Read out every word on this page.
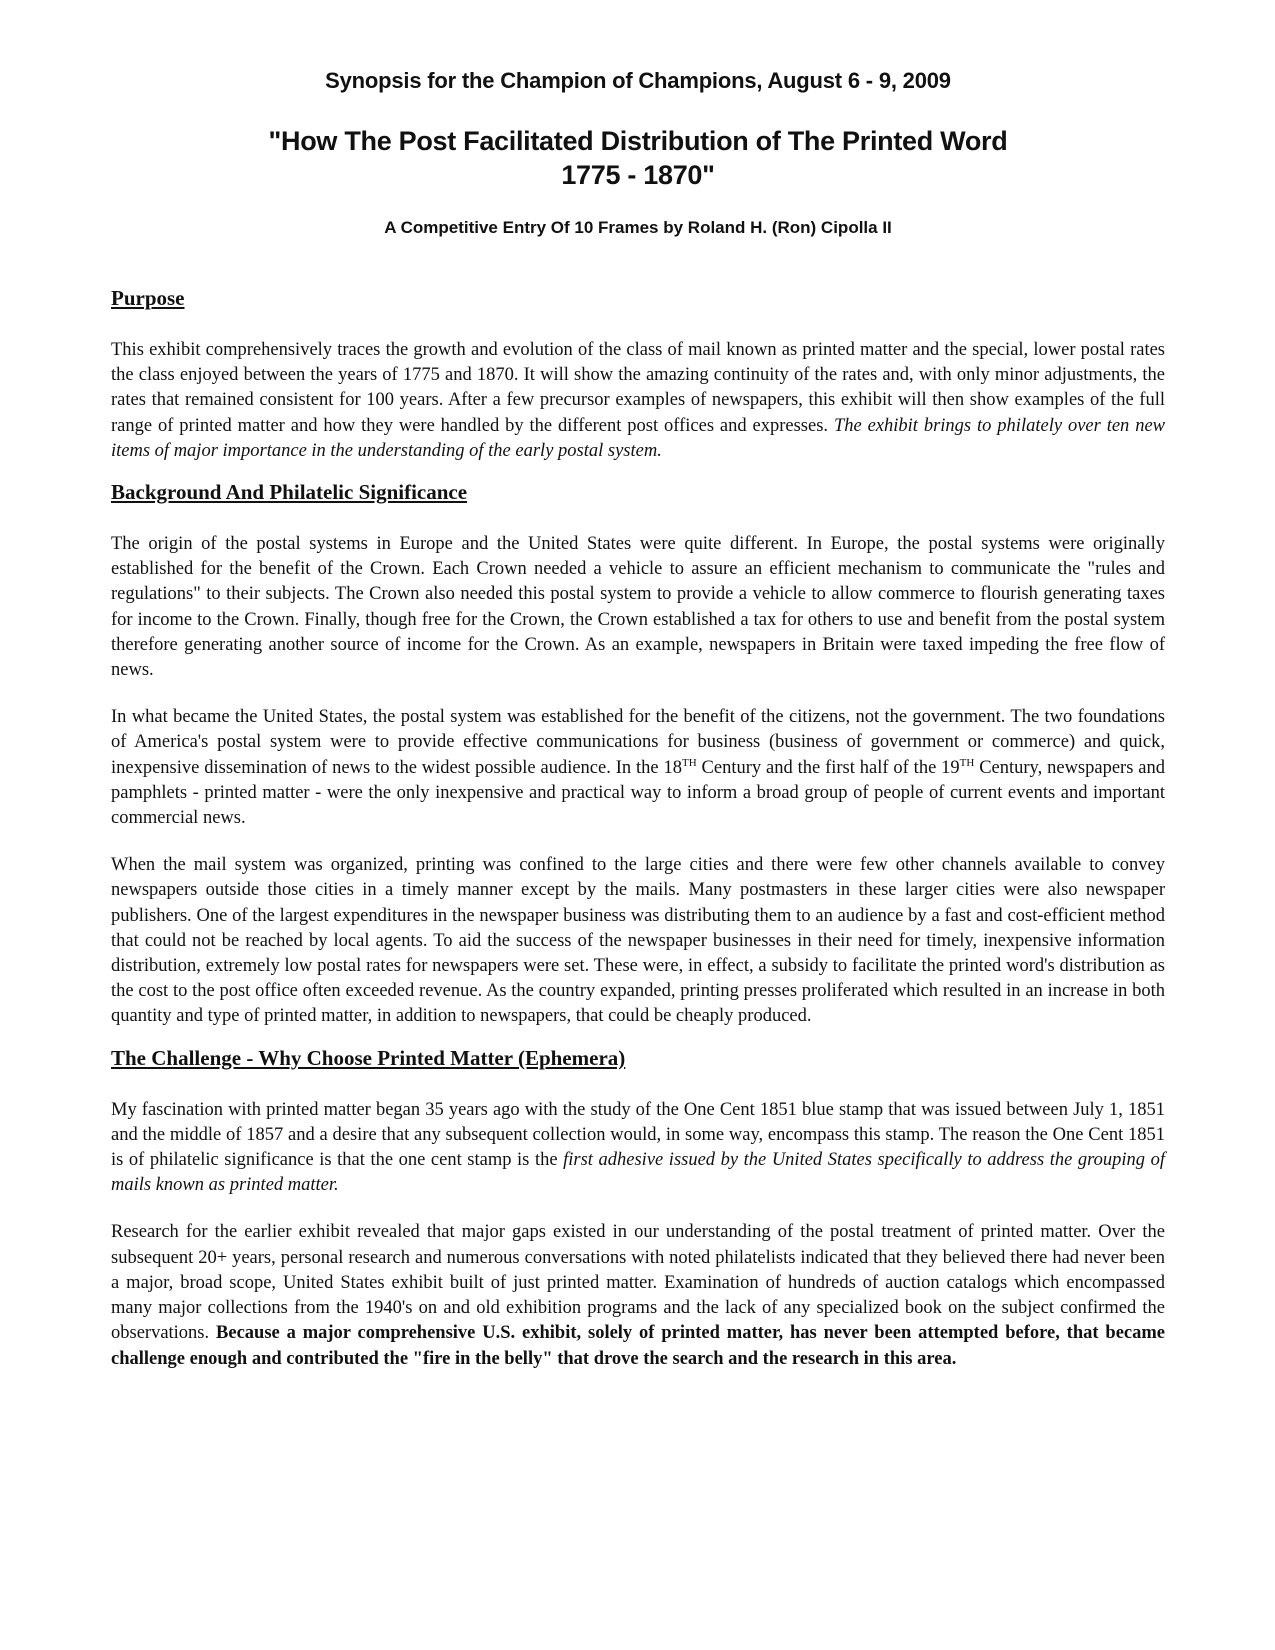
Synopsis for the Champion of Champions, August 6 - 9, 2009
"How The Post Facilitated Distribution of The Printed Word
1775 - 1870"
A Competitive Entry Of 10 Frames by Roland H. (Ron) Cipolla II
Purpose

This exhibit comprehensively traces the growth and evolution of the class of mail known as printed matter and the special, lower postal rates the class enjoyed between the years of 1775 and 1870. It will show the amazing continuity of the rates and, with only minor adjustments, the rates that remained consistent for 100 years. After a few precursor examples of newspapers, this exhibit will then show examples of the full range of printed matter and how they were handled by the different post offices and expresses. The exhibit brings to philately over ten new items of major importance in the understanding of the early postal system.

Background And Philatelic Significance

The origin of the postal systems in Europe and the United States were quite different. In Europe, the postal systems were originally established for the benefit of the Crown. Each Crown needed a vehicle to assure an efficient mechanism to communicate the "rules and regulations" to their subjects. The Crown also needed this postal system to provide a vehicle to allow commerce to flourish generating taxes for income to the Crown. Finally, though free for the Crown, the Crown established a tax for others to use and benefit from the postal system therefore generating another source of income for the Crown. As an example, newspapers in Britain were taxed impeding the free flow of news.

In what became the United States, the postal system was established for the benefit of the citizens, not the government. The two foundations of America's postal system were to provide effective communications for business (business of government or commerce) and quick, inexpensive dissemination of news to the widest possible audience. In the 18TH Century and the first half of the 19TH Century, newspapers and pamphlets - printed matter - were the only inexpensive and practical way to inform a broad group of people of current events and important commercial news.

When the mail system was organized, printing was confined to the large cities and there were few other channels available to convey newspapers outside those cities in a timely manner except by the mails. Many postmasters in these larger cities were also newspaper publishers. One of the largest expenditures in the newspaper business was distributing them to an audience by a fast and cost-efficient method that could not be reached by local agents. To aid the success of the newspaper businesses in their need for timely, inexpensive information distribution, extremely low postal rates for newspapers were set. These were, in effect, a subsidy to facilitate the printed word's distribution as the cost to the post office often exceeded revenue. As the country expanded, printing presses proliferated which resulted in an increase in both quantity and type of printed matter, in addition to newspapers, that could be cheaply produced.

The Challenge - Why Choose Printed Matter (Ephemera)

My fascination with printed matter began 35 years ago with the study of the One Cent 1851 blue stamp that was issued between July 1, 1851 and the middle of 1857 and a desire that any subsequent collection would, in some way, encompass this stamp. The reason the One Cent 1851 is of philatelic significance is that the one cent stamp is the first adhesive issued by the United States specifically to address the grouping of mails known as printed matter.

Research for the earlier exhibit revealed that major gaps existed in our understanding of the postal treatment of printed matter. Over the subsequent 20+ years, personal research and numerous conversations with noted philatelists indicated that they believed there had never been a major, broad scope, United States exhibit built of just printed matter. Examination of hundreds of auction catalogs which encompassed many major collections from the 1940's on and old exhibition programs and the lack of any specialized book on the subject confirmed the observations. Because a major comprehensive U.S. exhibit, solely of printed matter, has never been attempted before, that became challenge enough and contributed the "fire in the belly" that drove the search and the research in this area.
